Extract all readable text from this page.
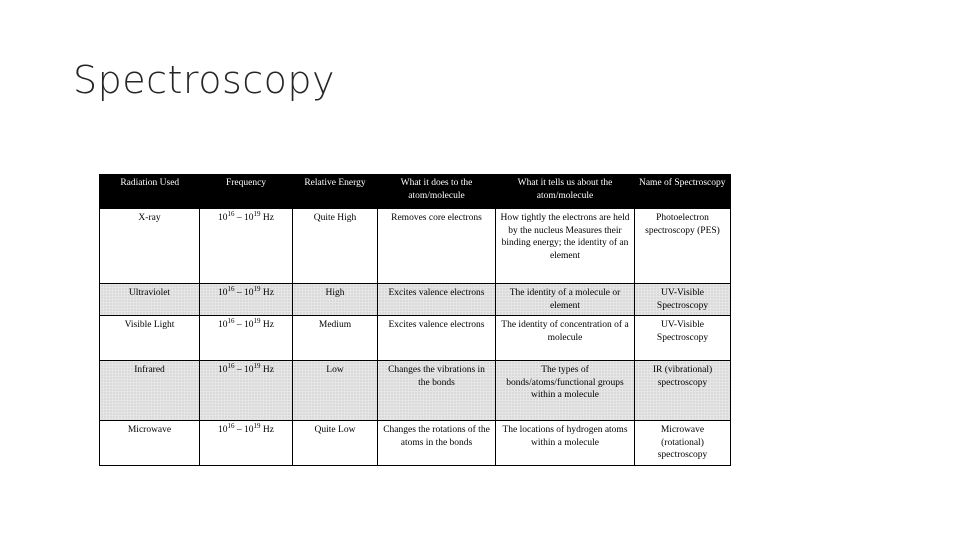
Spectroscopy
Radiation Used	Frequency	Relative Energy	What it does to the atom/molecule	What it tells us about the atom/molecule	Name of Spectroscopy
X-ray	$10^{16} - 10^{19}$ Hz	Quite High	Removes core electrons	How tightly the electrons are held by the nucleus Measures their binding energy; the identity of an element	Photoelectron spectroscopy (PES)
Ultraviolet	$10^{16} - 10^{19}$ Hz	High	Excites valence electrons	The identity of a molecule or element	UV-Visible Spectroscopy
Visible Light	$10^{16} - 10^{19}$ Hz	Medium	Excites valence electrons	The identity of concentration of a molecule	UV-Visible Spectroscopy
Infrared	$10^{16} - 10^{19}$ Hz	Low	Changes the vibrations in the bonds	The types of bonds/atoms/functional groups within a molecule	IR (vibrational) spectroscopy
Microwave	$10^{16} - 10^{19}$ Hz	Quite Low	Changes the rotations of the atoms in the bonds	The locations of hydrogen atoms within a molecule	Microwave (rotational) spectroscopy
